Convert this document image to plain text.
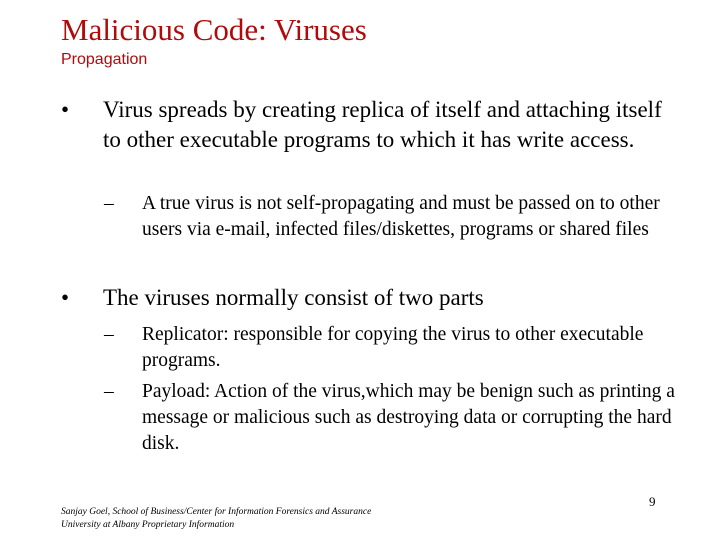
Malicious Code: Viruses
Propagation
•	Virus spreads by creating replica of itself and attaching itself to other executable programs to which it has write access.
– A true virus is not self-propagating and must be passed on to other users via e-mail, infected files/diskettes, programs or shared files
•	The viruses normally consist of two parts
– Replicator: responsible for copying the virus to other executable programs.
– Payload: Action of the virus,which may be benign such as printing a message or malicious such as destroying data or corrupting the hard disk.
Sanjay Goel, School of Business/Center for Information Forensics and Assurance
University at Albany Proprietary Information
9
